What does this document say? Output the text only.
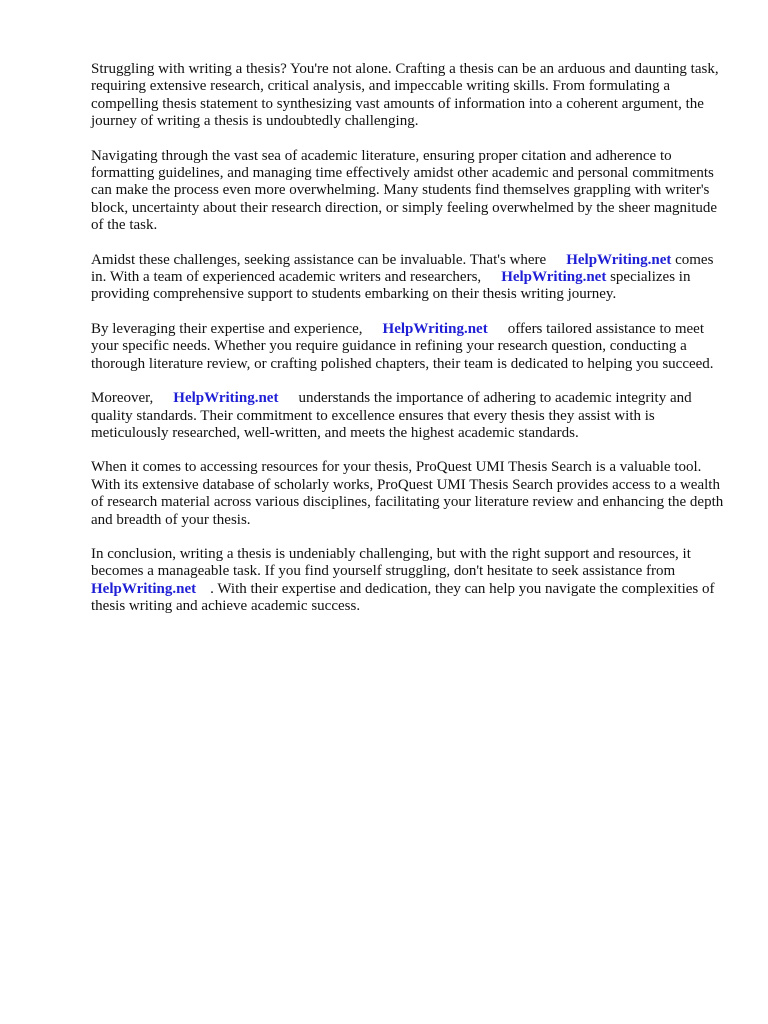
Struggling with writing a thesis? You're not alone. Crafting a thesis can be an arduous and daunting task, requiring extensive research, critical analysis, and impeccable writing skills. From formulating a compelling thesis statement to synthesizing vast amounts of information into a coherent argument, the journey of writing a thesis is undoubtedly challenging.

Navigating through the vast sea of academic literature, ensuring proper citation and adherence to formatting guidelines, and managing time effectively amidst other academic and personal commitments can make the process even more overwhelming. Many students find themselves grappling with writer's block, uncertainty about their research direction, or simply feeling overwhelmed by the sheer magnitude of the task.

Amidst these challenges, seeking assistance can be invaluable. That's where HelpWriting.net comes in. With a team of experienced academic writers and researchers, HelpWriting.net specializes in providing comprehensive support to students embarking on their thesis writing journey.

By leveraging their expertise and experience, HelpWriting.net offers tailored assistance to meet your specific needs. Whether you require guidance in refining your research question, conducting a thorough literature review, or crafting polished chapters, their team is dedicated to helping you succeed.

Moreover, HelpWriting.net understands the importance of adhering to academic integrity and quality standards. Their commitment to excellence ensures that every thesis they assist with is meticulously researched, well-written, and meets the highest academic standards.

When it comes to accessing resources for your thesis, ProQuest UMI Thesis Search is a valuable tool. With its extensive database of scholarly works, ProQuest UMI Thesis Search provides access to a wealth of research material across various disciplines, facilitating your literature review and enhancing the depth and breadth of your thesis.

In conclusion, writing a thesis is undeniably challenging, but with the right support and resources, it becomes a manageable task. If you find yourself struggling, don't hesitate to seek assistance from HelpWriting.net . With their expertise and dedication, they can help you navigate the complexities of thesis writing and achieve academic success.
